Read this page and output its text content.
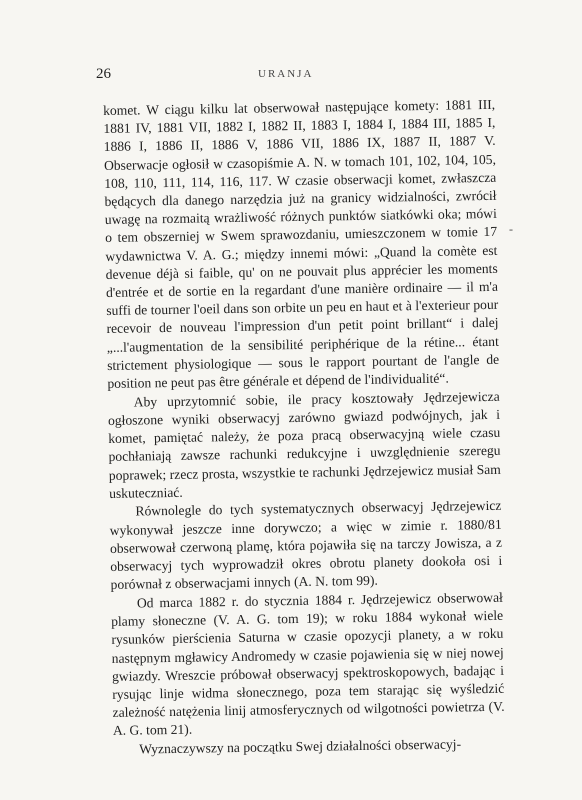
26	URANJA
-

komet. W ciągu kilku lat obserwował następujące komety: 1881 III, 1881 IV, 1881 VII, 1882 I, 1882 II, 1883 I, 1884 I, 1884 III, 1885 I, 1886 I, 1886 II, 1886 V, 1886 VII, 1886 IX, 1887 II, 1887 V. Obserwacje ogłosił w czasopiśmie A. N. w tomach 101, 102, 104, 105, 108, 110, 111, 114, 116, 117. W czasie obserwacji komet, zwłaszcza będących dla danego narzędzia już na granicy widzialności, zwrócił uwagę na rozmaitą wrażliwość różnych punktów siatkówki oka; mówi o tem obszerniej w Swem sprawozdaniu, umieszczonem w tomie 17 wydawnictwa V. A. G.; między innemi mówi: „Quand la comète est devenue déjà si faible, qu' on ne pouvait plus apprécier les moments d'entrée et de sortie en la regardant d'une manière ordinaire — il m'a suffi de tourner l'oeil dans son orbite un peu en haut et à l'exterieur pour recevoir de nouveau l'impression d'un petit point brillant“ i dalej „...l'augmentation de la sensibilité periphérique de la rétine... étant strictement physiologique — sous le rapport pourtant de l'angle de position ne peut pas être générale et dépend de l'individualité“.

Aby uprzytomnić sobie, ile pracy kosztowały Jędrzejewicza ogłoszone wyniki obserwacyj zarówno gwiazd podwójnych, jak i komet, pamiętać należy, że poza pracą obserwacyjną wiele czasu pochłaniają zawsze rachunki redukcyjne i uwzględnienie szeregu poprawek; rzecz prosta, wszystkie te rachunki Jędrzejewicz musiał Sam uskuteczniać.

Równolegle do tych systematycznych obserwacyj Jędrzejewicz wykonywał jeszcze inne dorywczo; a więc w zimie r. 1880/81 obserwował czerwoną plamę, która pojawiła się na tarczy Jowisza, a z obserwacyj tych wyprowadził okres obrotu planety dookoła osi i porównał z obserwacjami innych (A. N. tom 99).

Od marca 1882 r. do stycznia 1884 r. Jędrzejewicz obserwował plamy słoneczne (V. A. G. tom 19); w roku 1884 wykonał wiele rysunków pierścienia Saturna w czasie opozycji planety, a w roku następnym mgławicy Andromedy w czasie pojawienia się w niej nowej gwiazdy. Wreszcie próbował obserwacyj spektroskopowych, badając i rysując linje widma słonecznego, poza tem starając się wyśledzić zależność natężenia linij atmosferycznych od wilgotności powietrza (V. A. G. tom 21).

Wyznaczywszy na początku Swej działalności obserwacyj-
